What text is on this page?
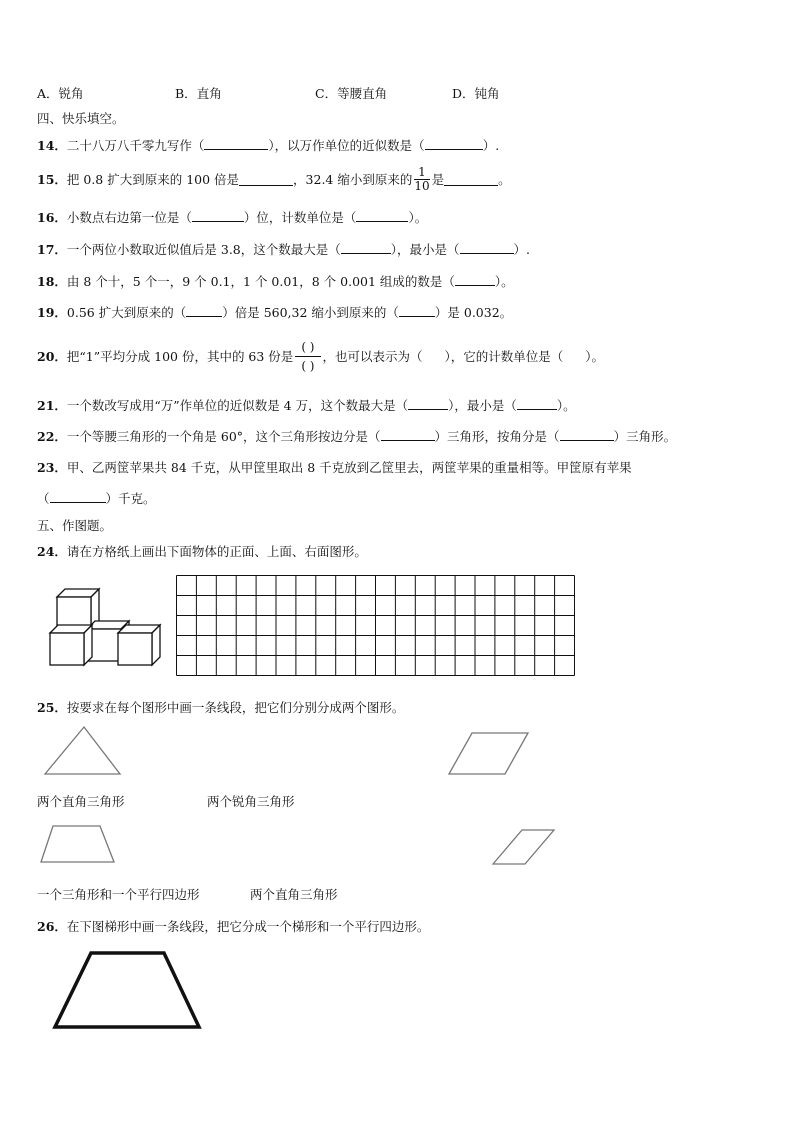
A．锐角	B．直角	C．等腰直角	D．钝角
四、快乐填空。
14．二十八万八千零九写作（	），以万作单位的近似数是（	）.
15． 把 0.8 扩大到原来的 100 倍是	，32.4 缩小到原来的 $\frac{1}{10}$ 是	。
16．小数点右边第一位是（	）位，计数单位是（	）。
17．一个两位小数取近似值后是 3.8，这个数最大是（	），最小是（	）.
18．由 8 个十，5 个一，9 个 0.1，1 个 0.01，8 个 0.001 组成的数是（	）。
19．0.56 扩大到原来的（	）倍是 560,32 缩小到原来的（	）是 0.032。
20． 把“1”平均分成 100 份，其中的 63 份是 $\frac{( )}{( )}$ ，也可以表示为（ ），它的计数单位是（ ）。
21．一个数改写成用“万”作单位的近似数是 4 万，这个数最大是（	），最小是（	）。
22．一个等腰三角形的一个角是 60°，这个三角形按边分是（	）三角形，按角分是（	）三角形。
23．甲、乙两筐苹果共 84 千克，从甲筐里取出 8 千克放到乙筐里去，两筐苹果的重量相等。甲筐原有苹果
（	）千克。
五、作图题。
24．请在方格纸上画出下面物体的正面、上面、右面图形。
25．按要求在每个图形中画一条线段，把它们分别分成两个图形。
两个直角三角形	两个锐角三角形
一个三角形和一个平行四边形	两个直角三角形
26．在下图梯形中画一条线段，把它分成一个梯形和一个平行四边形。
